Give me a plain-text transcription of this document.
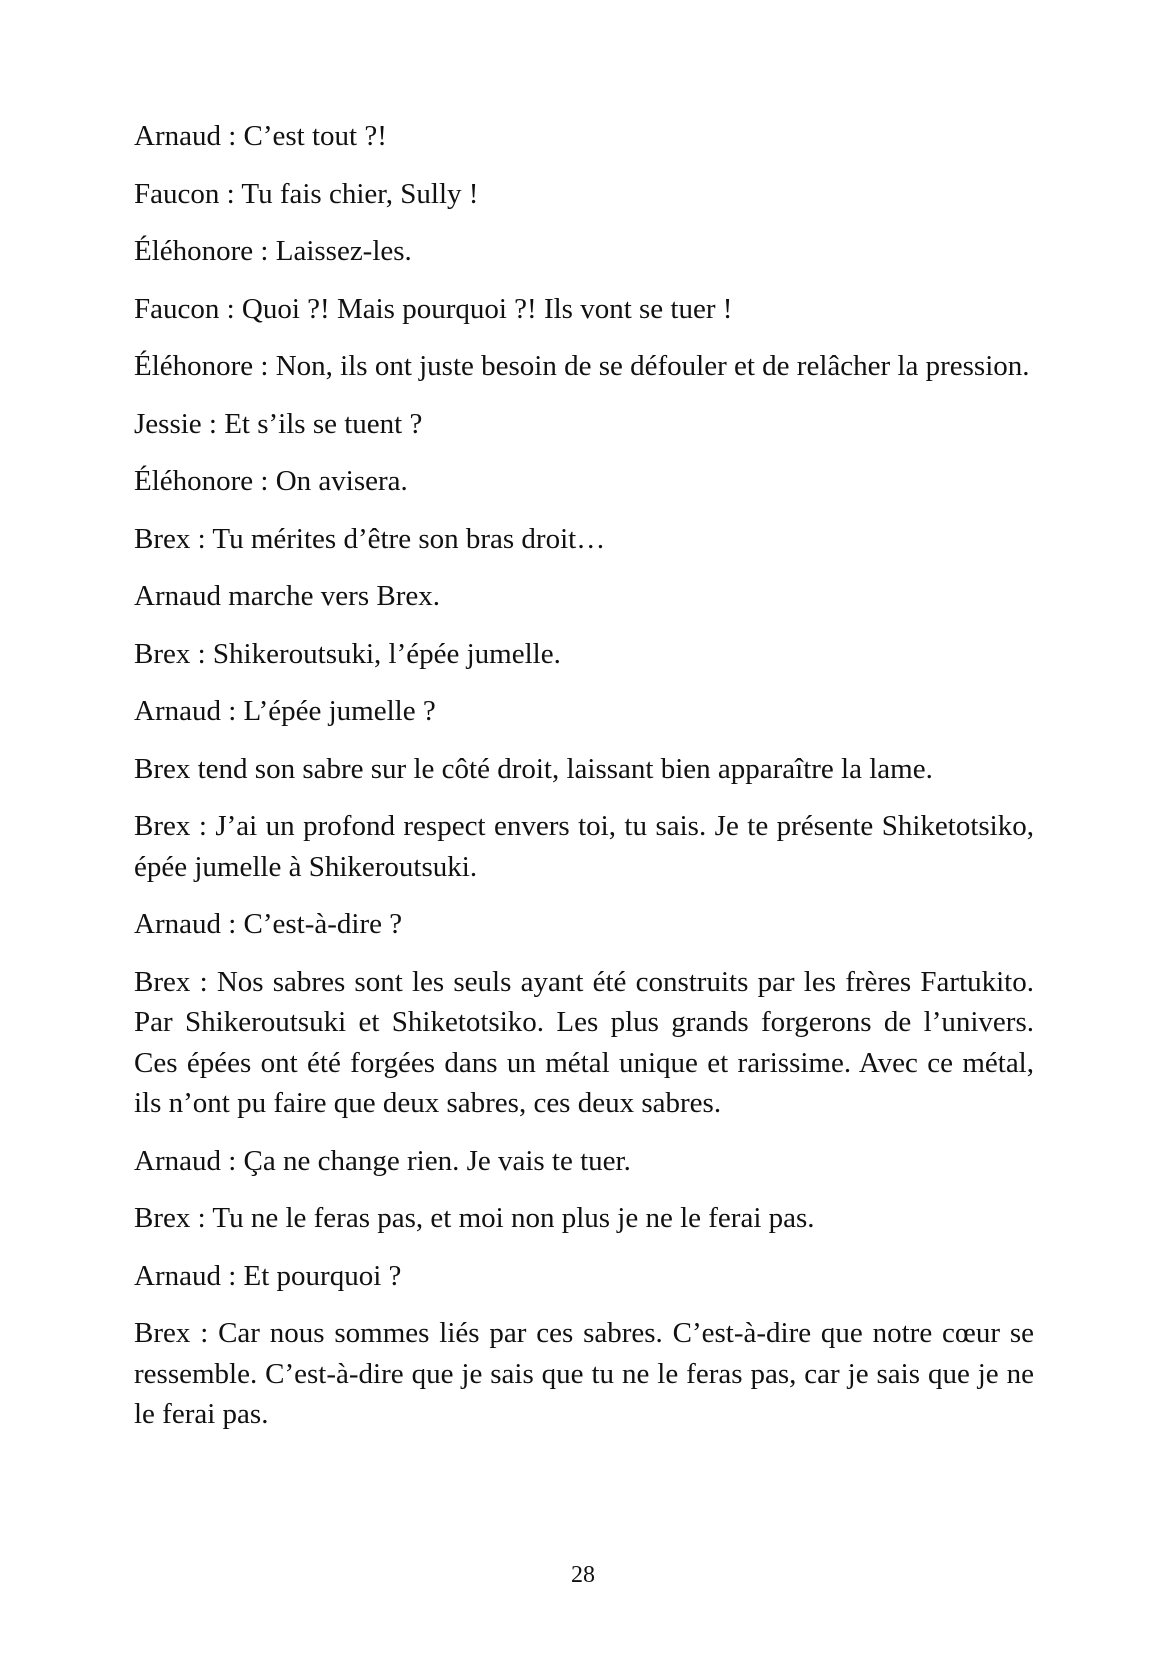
Arnaud : C’est tout ?!

Faucon : Tu fais chier, Sully !

Éléhonore : Laissez-les.

Faucon : Quoi ?! Mais pourquoi ?! Ils vont se tuer !

Éléhonore : Non, ils ont juste besoin de se défouler et de relâcher la pression.

Jessie : Et s’ils se tuent ?

Éléhonore : On avisera.

Brex : Tu mérites d’être son bras droit…

Arnaud marche vers Brex.

Brex : Shikeroutsuki, l’épée jumelle.

Arnaud : L’épée jumelle ?

Brex tend son sabre sur le côté droit, laissant bien apparaître la lame.

Brex : J’ai un profond respect envers toi, tu sais. Je te présente Shiketotsiko, épée jumelle à Shikeroutsuki.

Arnaud : C’est-à-dire ?

Brex : Nos sabres sont les seuls ayant été construits par les frères Fartukito. Par Shikeroutsuki et Shiketotsiko. Les plus grands forgerons de l’univers. Ces épées ont été forgées dans un métal unique et rarissime. Avec ce métal, ils n’ont pu faire que deux sabres, ces deux sabres.

Arnaud : Ça ne change rien. Je vais te tuer.

Brex : Tu ne le feras pas, et moi non plus je ne le ferai pas.

Arnaud : Et pourquoi ?

Brex : Car nous sommes liés par ces sabres. C’est-à-dire que notre cœur se ressemble. C’est-à-dire que je sais que tu ne le feras pas, car je sais que je ne le ferai pas.

28
